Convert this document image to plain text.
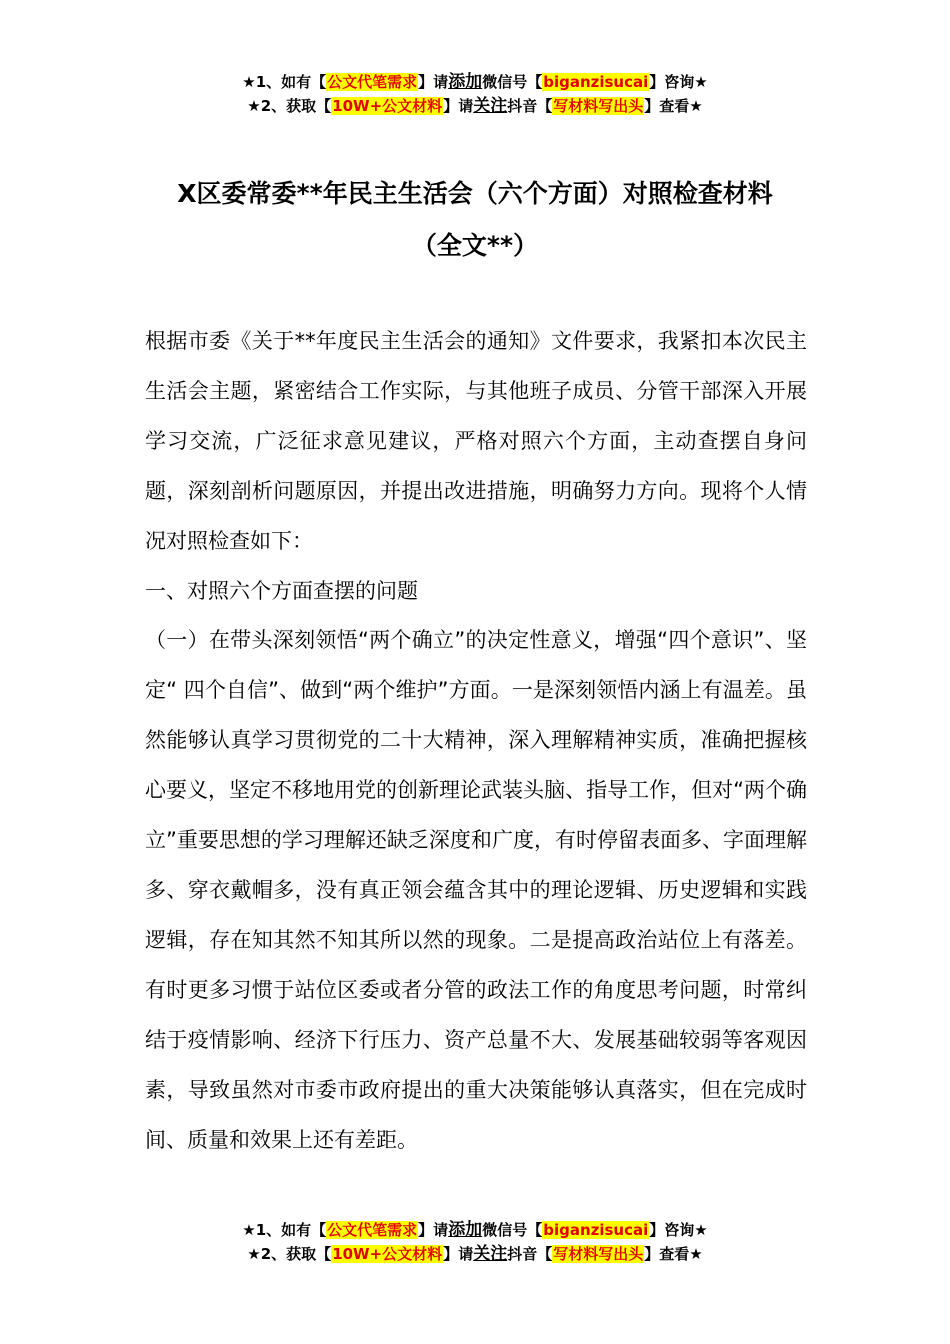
★1、如有【公文代笔需求】请添加微信号【biganzisucai】咨询★
★2、获取【10W+公文材料】请关注抖音【写材料写出头】查看★
X区委常委**年民主生活会（六个方面）对照检查材料
（全文**）

根据市委《关于**年度民主生活会的通知》文件要求，我紧扣本次民主生活会主题，紧密结合工作实际，与其他班子成员、分管干部深入开展学习交流，广泛征求意见建议，严格对照六个方面，主动查摆自身问题，深刻剖析问题原因，并提出改进措施，明确努力方向。现将个人情况对照检查如下：

一、对照六个方面查摆的问题

（一）在带头深刻领悟“两个确立”的决定性意义，增强“四个意识”、坚定“ 四个自信”、做到“两个维护”方面。一是深刻领悟内涵上有温差。虽然能够认真学习贯彻党的二十大精神，深入理解精神实质，准确把握核心要义，坚定不移地用党的创新理论武装头脑、指导工作，但对“两个确立”重要思想的学习理解还缺乏深度和广度，有时停留表面多、字面理解多、穿衣戴帽多，没有真正领会蕴含其中的理论逻辑、历史逻辑和实践逻辑，存在知其然不知其所以然的现象。二是提高政治站位上有落差。有时更多习惯于站位区委或者分管的政法工作的角度思考问题，时常纠结于疫情影响、经济下行压力、资产总量不大、发展基础较弱等客观因素，导致虽然对市委市政府提出的重大决策能够认真落实，但在完成时间、质量和效果上还有差距。

★1、如有【公文代笔需求】请添加微信号【biganzisucai】咨询★
★2、获取【10W+公文材料】请关注抖音【写材料写出头】查看★
